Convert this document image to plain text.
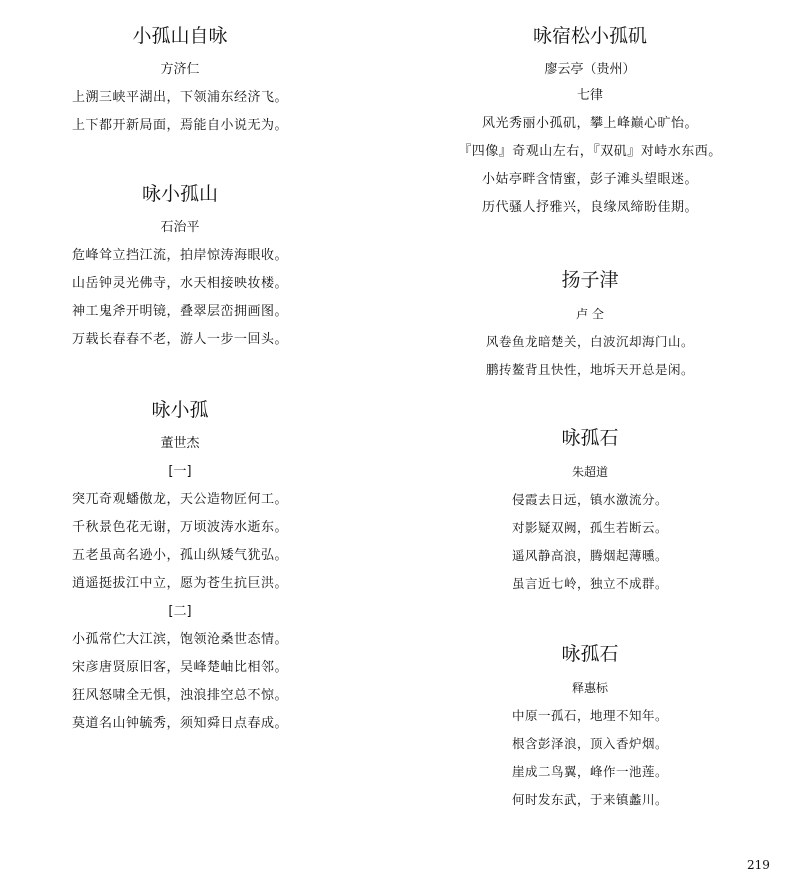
小孤山自咏
方济仁
上溯三峡平湖出，下领浦东经济飞。
上下都开新局面，焉能自小说无为。
咏小孤山
石治平
危峰耸立挡江流，拍岸惊涛海眼收。
山岳钟灵光佛寺，水天相接映妆楼。
神工鬼斧开明镜，叠翠层峦拥画图。
万载长春春不老，游人一步一回头。
咏小孤
董世杰
[一]
突兀奇观蟠傲龙，天公造物匠何工。
千秋景色花无谢，万顷波涛水逝东。
五老虽高名逊小，孤山纵矮气犹弘。
逍遥挺拔江中立，愿为苍生抗巨洪。
[二]
小孤常伫大江滨，饱领沧桑世态情。
宋彦唐贤原旧客，吴峰楚岫比相邻。
狂风怒啸全无惧，浊浪排空总不惊。
莫道名山钟毓秀，须知舜日点春成。
咏宿松小孤矶
廖云亭（贵州）
七律
风光秀丽小孤矶，攀上峰巅心旷怡。
『四像』奇观山左右，『双矶』对峙水东西。
小姑亭畔含情蜜，彭子滩头望眼迷。
历代骚人抒雅兴，良缘凤缔盼佳期。
扬子津
卢 仝
风卷鱼龙暗楚关，白波沉却海门山。
鹏抟鳌背且快性，地坼天开总是闲。
咏孤石
朱超道
侵霞去日远，镇水激流分。
对影疑双阙，孤生若断云。
遥风静高浪，腾烟起薄曛。
虽言近七岭，独立不成群。
咏孤石
释惠标
中原一孤石，地理不知年。
根含彭泽浪，顶入香炉烟。
崖成二鸟翼，峰作一池莲。
何时发东武，于来镇蠡川。
219
